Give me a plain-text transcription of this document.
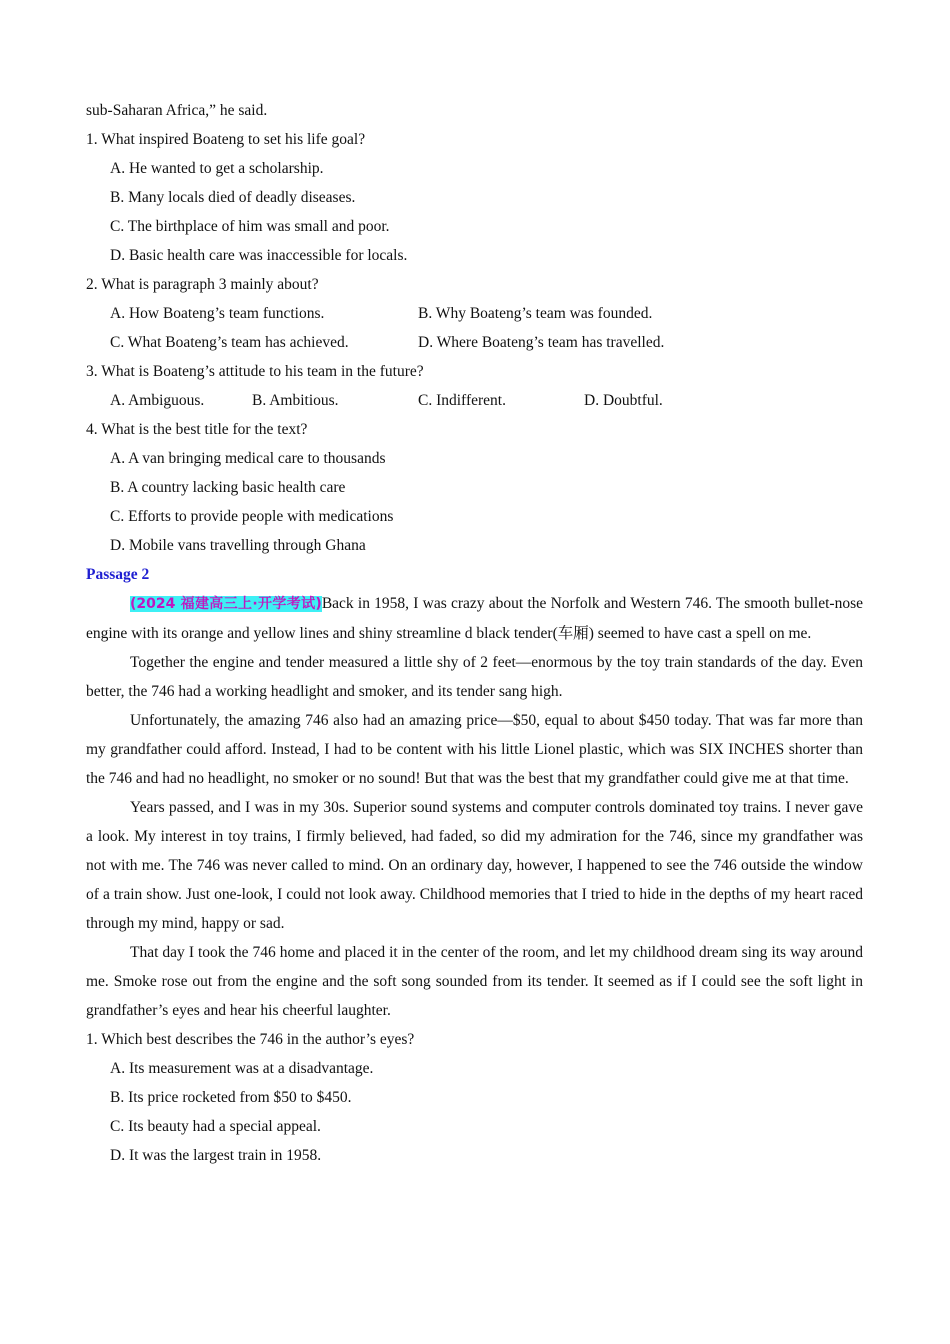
sub-Saharan Africa,” he said.

1. What inspired Boateng to set his life goal?

A. He wanted to get a scholarship.

B. Many locals died of deadly diseases.

C. The birthplace of him was small and poor.

D. Basic health care was inaccessible for locals.

2. What is paragraph 3 mainly about?

A. How Boateng’s team functions.	B. Why Boateng’s team was founded.
C. What Boateng’s team has achieved.	D. Where Boateng’s team has travelled.

3. What is Boateng’s attitude to his team in the future?

A. Ambiguous.	B. Ambitious.	C. Indifferent.	D. Doubtful.

4. What is the best title for the text?

A. A van bringing medical care to thousands

B. A country lacking basic health care

C. Efforts to provide people with medications

D. Mobile vans travelling through Ghana

Passage 2

(2024 福建高三上·开学考试)Back in 1958, I was crazy about the Norfolk and Western 746. The smooth bullet-nose engine with its orange and yellow lines and shiny streamline d black tender(车厢) seemed to have cast a spell on me.

Together the engine and tender measured a little shy of 2 feet—enormous by the toy train standards of the day. Even better, the 746 had a working headlight and smoker, and its tender sang high.

Unfortunately, the amazing 746 also had an amazing price—$50, equal to about $450 today. That was far more than my grandfather could afford. Instead, I had to be content with his little Lionel plastic, which was SIX INCHES shorter than the 746 and had no headlight, no smoker or no sound! But that was the best that my grandfather could give me at that time.

Years passed, and I was in my 30s. Superior sound systems and computer controls dominated toy trains. I never gave a look. My interest in toy trains, I firmly believed, had faded, so did my admiration for the 746, since my grandfather was not with me. The 746 was never called to mind. On an ordinary day, however, I happened to see the 746 outside the window of a train show. Just one-look, I could not look away. Childhood memories that I tried to hide in the depths of my heart raced through my mind, happy or sad.

That day I took the 746 home and placed it in the center of the room, and let my childhood dream sing its way around me. Smoke rose out from the engine and the soft song sounded from its tender. It seemed as if I could see the soft light in grandfather’s eyes and hear his cheerful laughter.

1. Which best describes the 746 in the author’s eyes?

A. Its measurement was at a disadvantage.

B. Its price rocketed from $50 to $450.

C. Its beauty had a special appeal.

D. It was the largest train in 1958.
